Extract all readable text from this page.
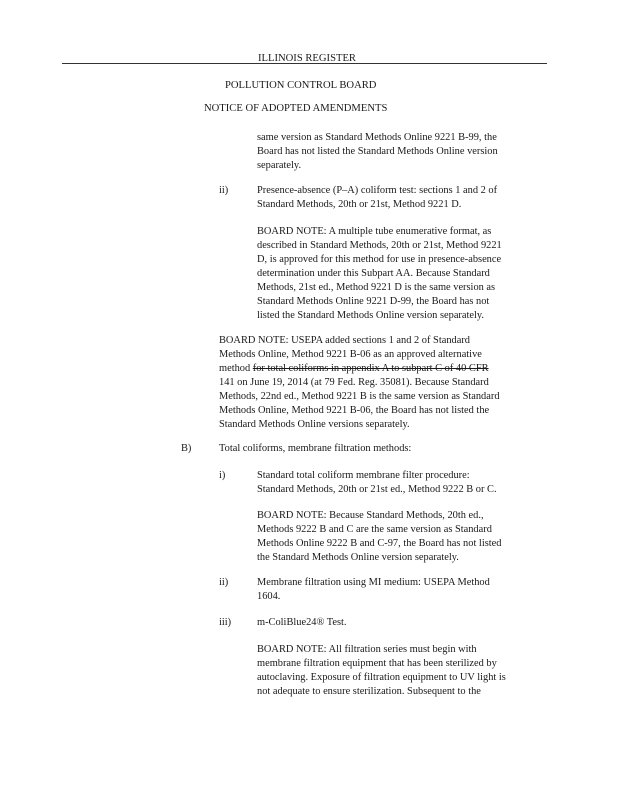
ILLINOIS REGISTER
POLLUTION CONTROL BOARD
NOTICE OF ADOPTED AMENDMENTS
same version as Standard Methods Online 9221 B-99, the
Board has not listed the Standard Methods Online version
separately.
ii)	Presence-absence (P–A) coliform test: sections 1 and 2 of
Standard Methods, 20th or 21st, Method 9221 D.
BOARD NOTE: A multiple tube enumerative format, as
described in Standard Methods, 20th or 21st, Method 9221
D, is approved for this method for use in presence-absence
determination under this Subpart AA. Because Standard
Methods, 21st ed., Method 9221 D is the same version as
Standard Methods Online 9221 D-99, the Board has not
listed the Standard Methods Online version separately.
BOARD NOTE: USEPA added sections 1 and 2 of Standard
Methods Online, Method 9221 B-06 as an approved alternative
method for total coliforms in appendix A to subpart C of 40 CFR
141 on June 19, 2014 (at 79 Fed. Reg. 35081). Because Standard
Methods, 22nd ed., Method 9221 B is the same version as Standard
Methods Online, Method 9221 B-06, the Board has not listed the
Standard Methods Online versions separately.
B)	Total coliforms, membrane filtration methods:
i)	Standard total coliform membrane filter procedure:
Standard Methods, 20th or 21st ed., Method 9222 B or C.
BOARD NOTE: Because Standard Methods, 20th ed.,
Methods 9222 B and C are the same version as Standard
Methods Online 9222 B and C-97, the Board has not listed
the Standard Methods Online version separately.
ii)	Membrane filtration using MI medium: USEPA Method
1604.
iii) m-ColiBlue24® Test.
BOARD NOTE: All filtration series must begin with
membrane filtration equipment that has been sterilized by
autoclaving. Exposure of filtration equipment to UV light is
not adequate to ensure sterilization. Subsequent to the
